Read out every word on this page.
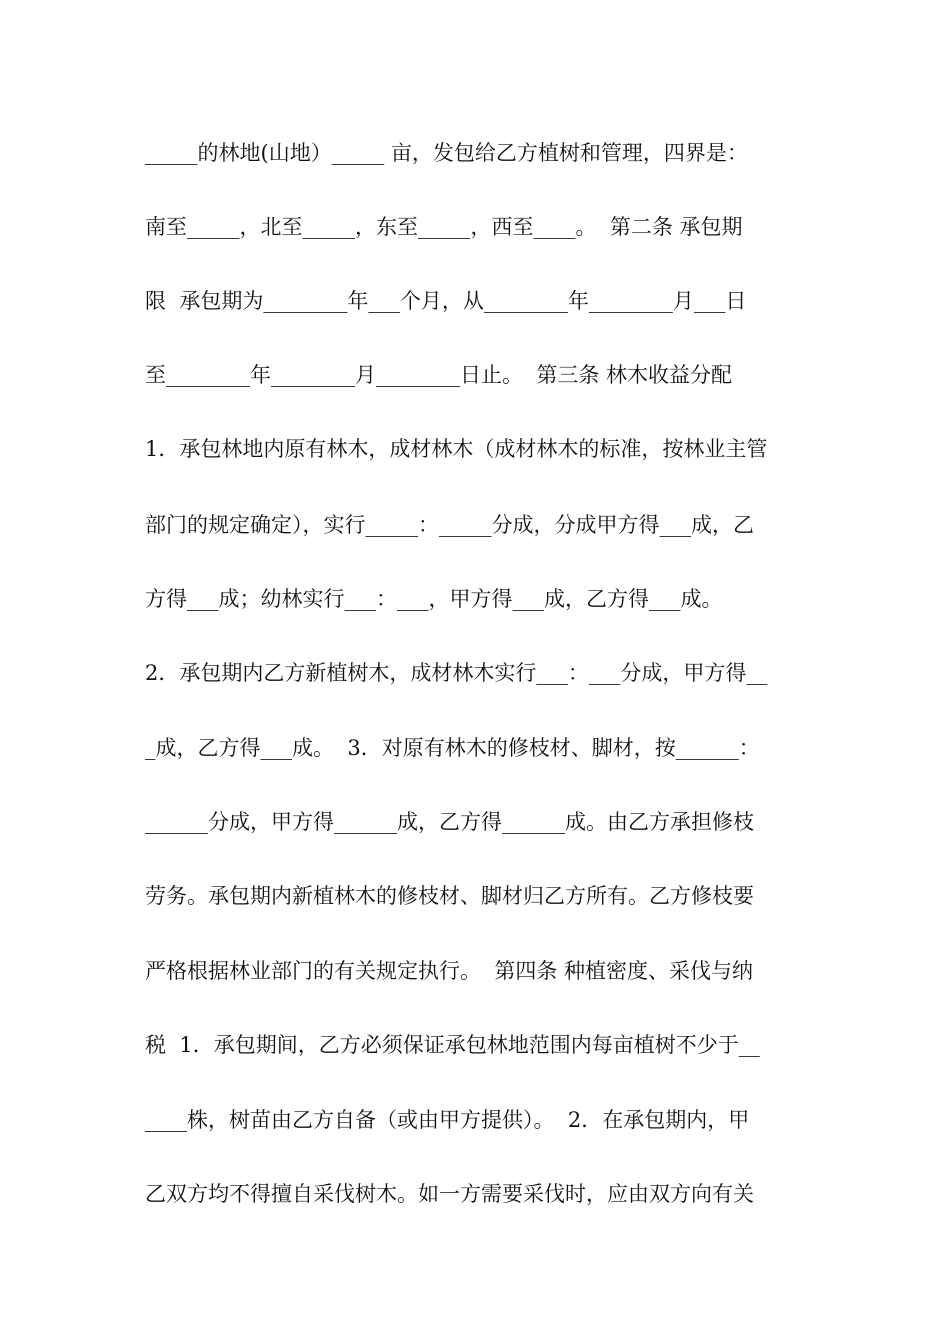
_____的林地(山地）_____ 亩，发包给乙方植树和管理，四界是：
南至_____，北至_____，东至_____，西至____。  第二条 承包期
限  承包期为________年___个月，从________年________月___日
至________年________月________日止。  第三条 林木收益分配
1．承包林地内原有林木，成材林木（成材林木的标准，按林业主管
部门的规定确定），实行_____：_____分成，分成甲方得___成，乙
方得___成；幼林实行___：___，甲方得___成，乙方得___成。
2．承包期内乙方新植树木，成材林木实行___：___分成，甲方得__
_成，乙方得___成。  3．对原有林木的修枝材、脚材，按______：
______分成，甲方得______成，乙方得______成。由乙方承担修枝
劳务。承包期内新植林木的修枝材、脚材归乙方所有。乙方修枝要
严格根据林业部门的有关规定执行。  第四条 种植密度、采伐与纳
税  1．承包期间，乙方必须保证承包林地范围内每亩植树不少于__
____株，树苗由乙方自备（或由甲方提供）。  2．在承包期内，甲
乙双方均不得擅自采伐树木。如一方需要采伐时，应由双方向有关
